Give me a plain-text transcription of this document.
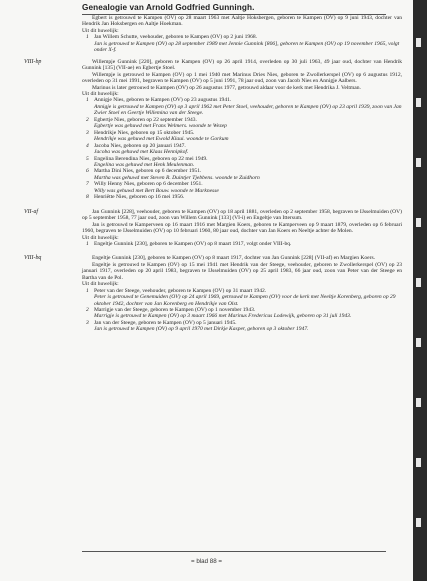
Genealogie van Arnold Godfried Gunningh.

Egbert is getrouwd te Kampen (OV) op 28 maart 1963 met Aaltje Hoksbergen, geboren te Kampen (OV) op 9 juni 1943, dochter van Hendrik Jan Hoksbergen en Aaltje Hoekman.

Uit dit huwelijk:

1 Jan Willem Schutte, veehouder, geboren te Kampen (OV) op 2 juni 1968.
Jan is getrouwd te Kampen (OV) op 28 september 1989 met Jennie Gunnink [806], geboren te Kampen (OV) op 19 november 1965, volgt onder X-f.
VIII-bp	Willempje Gunnink [220], geboren te Kampen (OV) op 26 april 1914, overleden op 30 juli 1963, 49 jaar oud, dochter van Hendrik Gunnink [135] (VII-ae) en Egbertje Stoel.

Willempje is getrouwd te Kampen (OV) op 1 mei 1940 met Marinus Dries Nies, geboren te Zwollerkerspel (OV) op 6 augustus 1912, overleden op 31 mei 1991, begraven te Kampen (OV) op 5 juni 1991, 78 jaar oud, zoon van Jacob Nies en Annigje Aalbers.

Marinus is later getrouwd te Kampen (OV) op 26 augustus 1977, getrouwd aldaar voor de kerk met Hendrika J. Veltman.

Uit dit huwelijk:

1 Annigje Nies, geboren te Kampen (OV) op 23 augustus 1941.
Annigje is getrouwd te Kampen (OV) op 3 april 1962 met Peter Stoel, veehouder, geboren te Kampen (OV) op 23 april 1939, zoon van Jan Zwier Stoel en Geertje Willemina van der Steege.
2 Egbertje Nies, geboren op 22 september 1943.
Egbertje was gehuwd met Frans Welmers. woonde te Wezep
3 Hendrikje Nies, geboren op 15 oktober 1945.
Hendrikje was gehuwd met Ewold Klaui. woonde te Gorkum
4 Jacoba Nies, geboren op 20 januari 1947.
Jacoba was gehuwd met Klaas Hennipkof.
5 Engelina Berendina Nies, geboren op 22 mei 1949.
Engelina was gehuwd met Henk Meulenman.
6 Martha Dini Nies, geboren op 6 december 1951.
Martha was gehuwd met Steven R. Duintjer Tjebbens. woonde te Zuidhorn
7 Willy Henny Nies, geboren op 6 december 1951.
Willy was gehuwd met Bert Bouw. woonde te Marknesse
8 Henriëtte Nies, geboren op 16 mei 1956.
VII-af	Jan Gunnink [228], veehouder, geboren te Kampen (OV) op 18 april 1881, overleden op 2 september 1958, begraven te IJsselmuiden (OV) op 5 september 1958, 77 jaar oud, zoon van Willem Gunnink [133] (VI-i) en Engeltje van Ittersum.

Jan is getrouwd te Kamperveen op 16 maart 1916 met Margien Koers, geboren te Kamperveen op 9 maart 1879, overleden op 6 februari 1960, begraven te IJsselmuiden (OV) op 10 februari 1960, 80 jaar oud, dochter van Jan Koers en Neeltje achter de Molen.

Uit dit huwelijk:

1 Engeltje Gunnink [230], geboren te Kampen (OV) op 8 maart 1917, volgt onder VIII-bq.
VIII-bq	Engeltje Gunnink [230], geboren te Kampen (OV) op 8 maart 1917, dochter van Jan Gunnink [228] (VII-af) en Margien Koers.

Engeltje is getrouwd te Kampen (OV) op 15 mei 1941 met Hendrik van der Steege, veehouder, geboren te Zwollerkerspel (OV) op 23 januari 1917, overleden op 20 april 1983, begraven te IJsselmuiden (OV) op 25 april 1983, 66 jaar oud, zoon van Peter van der Steege en Bartha van de Pol.

Uit dit huwelijk:

1 Peter van der Steege, veehouder, geboren te Kampen (OV) op 31 maart 1942.
Peter is getrouwd te Genemuiden (OV) op 24 april 1969, getrouwd te Kampen (OV) voor de kerk met Neeltje Korenberg, geboren op 29 oktober 1942, dochter van Jan Korenberg en Hendrikje van Olst.
2 Marrigje van der Steege, geboren te Kampen (OV) op 1 november 1943.
Marrigje is getrouwd te Kampen (OV) op 3 maart 1966 met Marinus Fredericus Lodewijk, geboren op 31 juli 1943.
3 Jan van der Steege, geboren te Kampen (OV) op 5 januari 1945.
Jan is getrouwd te Kampen (OV) op 9 april 1970 met Dirkje Kasper, geboren op 3 oktober 1947.
= blad 88 =
